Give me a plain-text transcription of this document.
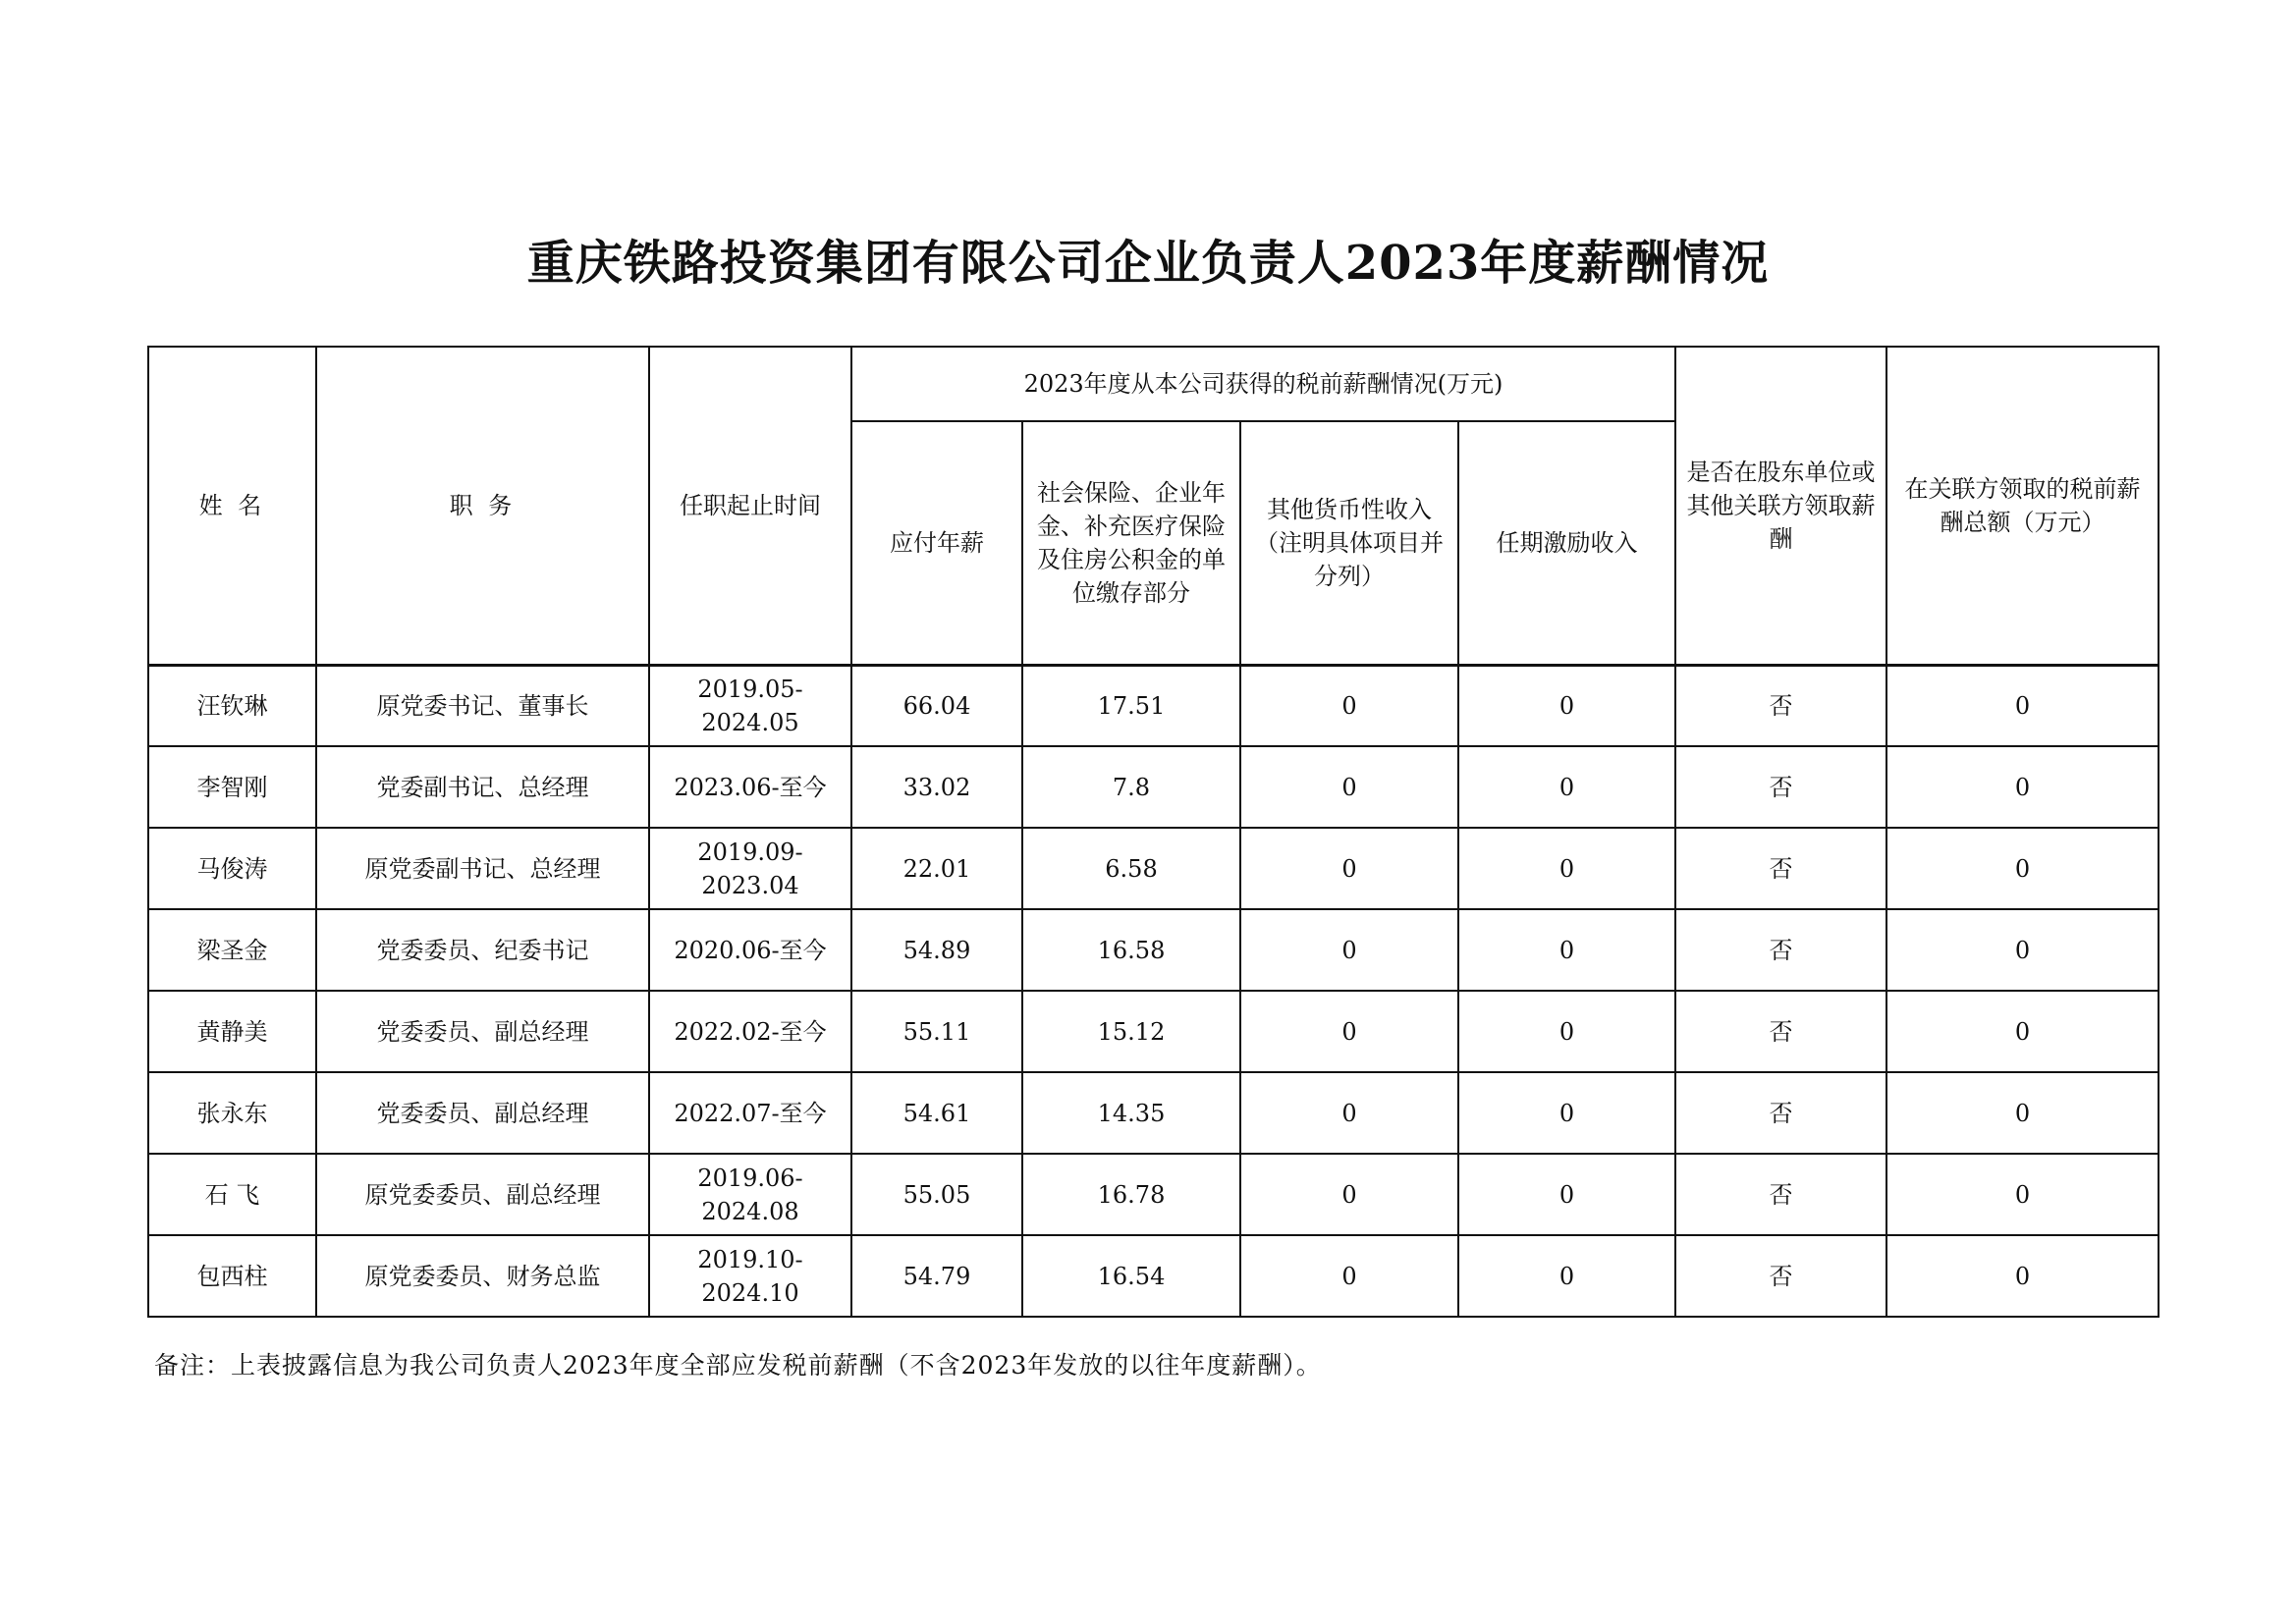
重庆铁路投资集团有限公司企业负责人2023年度薪酬情况
姓 名	职 务	任职起止时间	2023年度从本公司获得的税前薪酬情况(万元)				是否在股东单位或其他关联方领取薪酬	在关联方领取的税前薪酬总额（万元）
			应付年薪	社会保险、企业年金、补充医疗保险及住房公积金的单位缴存部分	其他货币性收入（注明具体项目并分列）	任期激励收入		
汪钦琳	原党委书记、董事长	2019.05-2024.05	66.04	17.51	0	0	否	0
李智刚	党委副书记、总经理	2023.06-至今	33.02	7.8	0	0	否	0
马俊涛	原党委副书记、总经理	2019.09-2023.04	22.01	6.58	0	0	否	0
梁圣金	党委委员、纪委书记	2020.06-至今	54.89	16.58	0	0	否	0
黄静美	党委委员、副总经理	2022.02-至今	55.11	15.12	0	0	否	0
张永东	党委委员、副总经理	2022.07-至今	54.61	14.35	0	0	否	0
石 飞	原党委委员、副总经理	2019.06-2024.08	55.05	16.78	0	0	否	0
包西柱	原党委委员、财务总监	2019.10-2024.10	54.79	16.54	0	0	否	0
备注：上表披露信息为我公司负责人2023年度全部应发税前薪酬（不含2023年发放的以往年度薪酬）。
